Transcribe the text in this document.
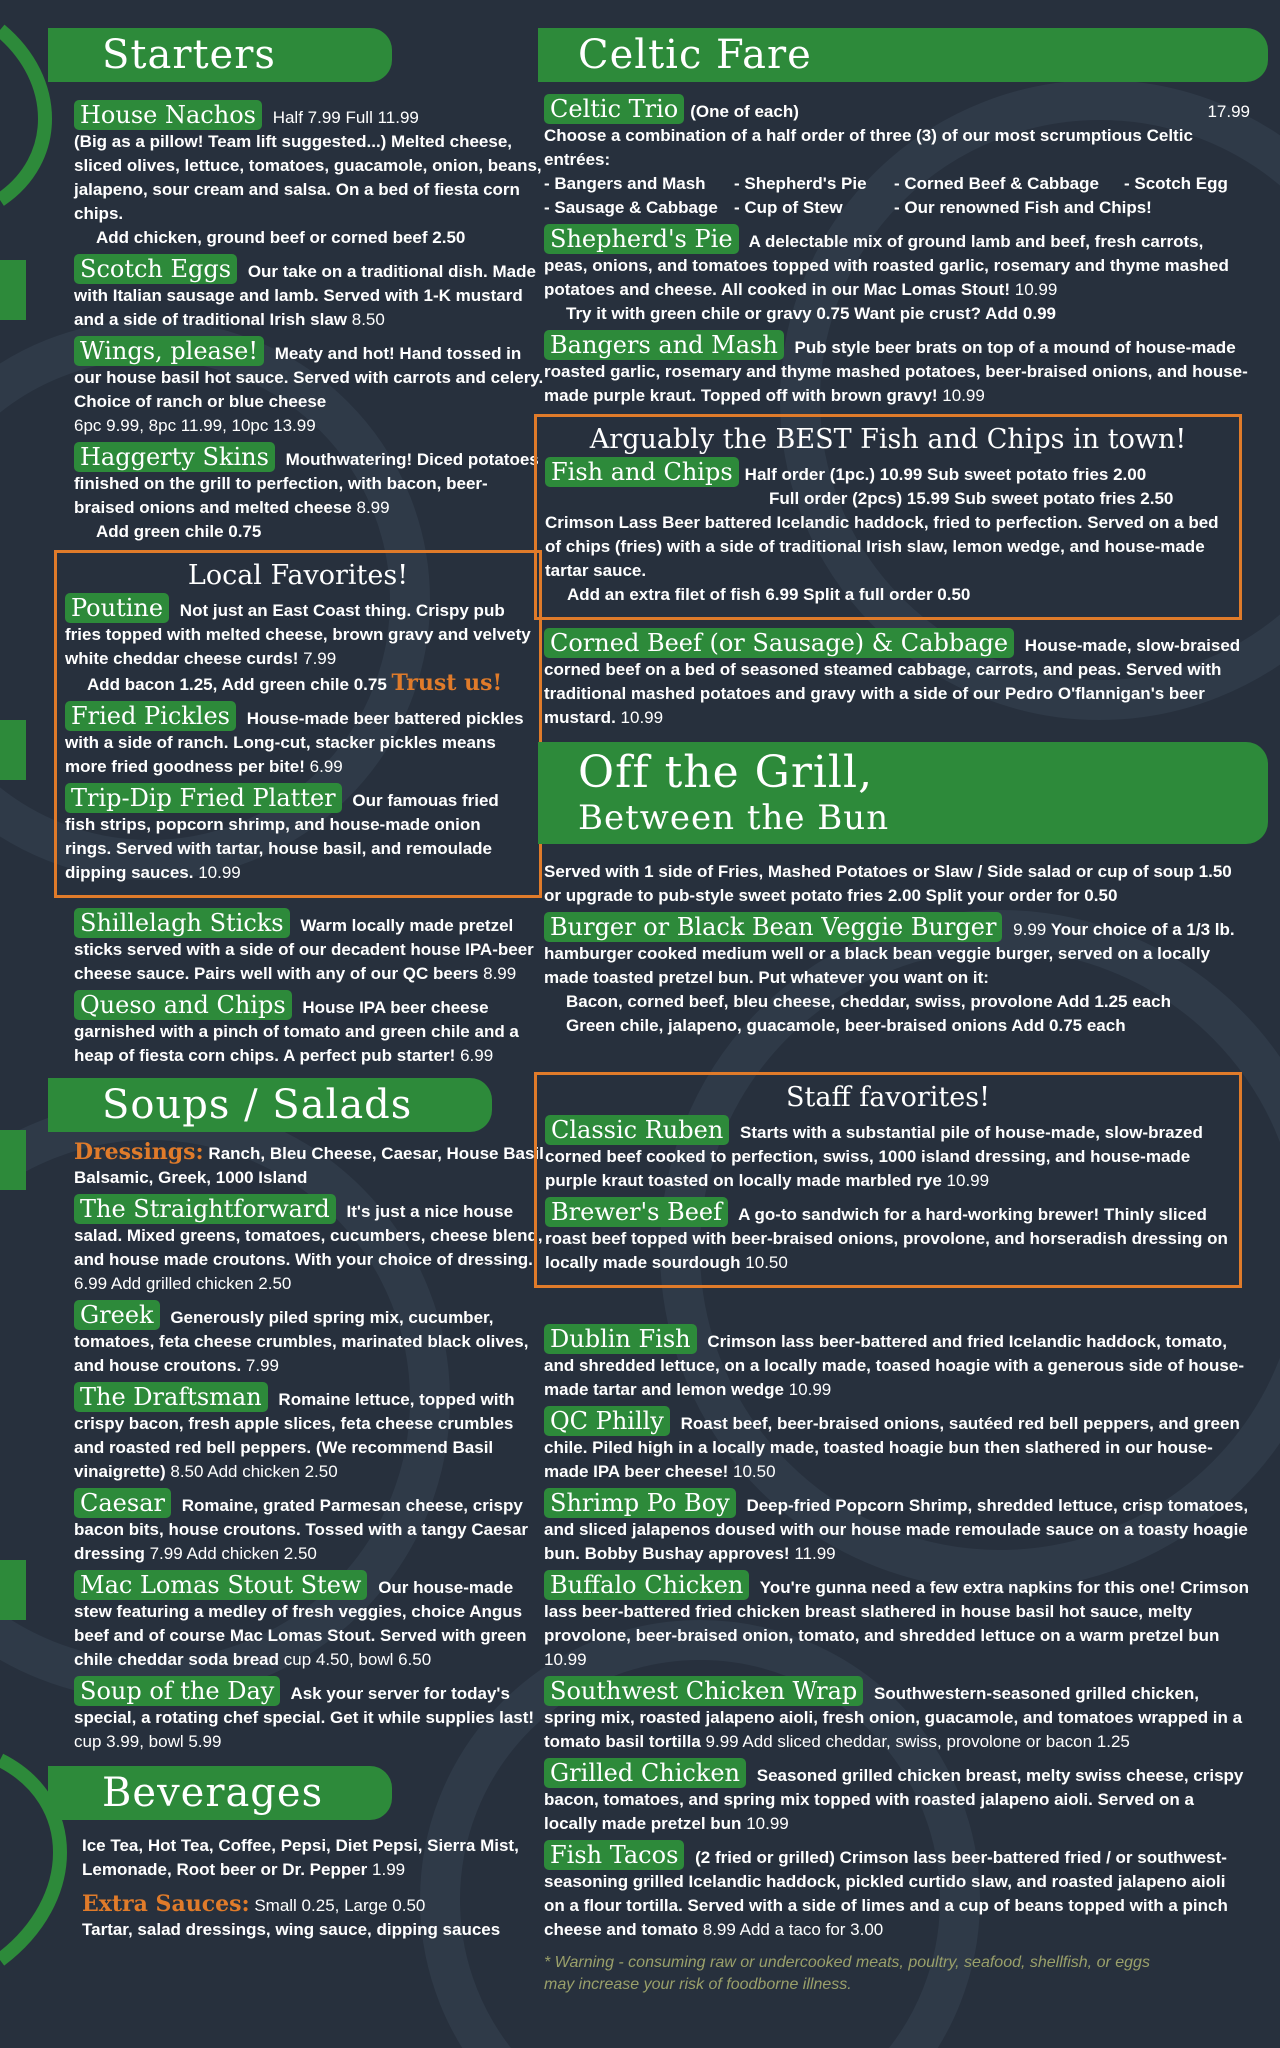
Starters
House Nachos Half 7.99 Full 11.99
(Big as a pillow! Team lift suggested...) Melted cheese, sliced olives, lettuce, tomatoes, guacamole, onion, beans, jalapeno, sour cream and salsa. On a bed of fiesta corn chips.
Add chicken, ground beef or corned beef 2.50
Scotch Eggs Our take on a traditional dish. Made with Italian sausage and lamb. Served with 1-K mustard and a side of traditional Irish slaw 8.50
Wings, please! Meaty and hot! Hand tossed in our house basil hot sauce. Served with carrots and celery. Choice of ranch or blue cheese
6pc 9.99, 8pc 11.99, 10pc 13.99
Haggerty Skins Mouthwatering! Diced potatoes finished on the grill to perfection, with bacon, beer-braised onions and melted cheese 8.99
Add green chile 0.75
Local Favorites!
Poutine Not just an East Coast thing. Crispy pub fries topped with melted cheese, brown gravy and velvety white cheddar cheese curds! 7.99
Add bacon 1.25, Add green chile 0.75 Trust us!
Fried Pickles House-made beer battered pickles with a side of ranch. Long-cut, stacker pickles means more fried goodness per bite! 6.99
Trip-Dip Fried Platter Our famouas fried fish strips, popcorn shrimp, and house-made onion rings. Served with tartar, house basil, and remoulade dipping sauces. 10.99
Shillelagh Sticks Warm locally made pretzel sticks served with a side of our decadent house IPA-beer cheese sauce. Pairs well with any of our QC beers 8.99
Queso and Chips House IPA beer cheese garnished with a pinch of tomato and green chile and a heap of fiesta corn chips. A perfect pub starter! 6.99
Soups / Salads
Dressings: Ranch, Bleu Cheese, Caesar, House Basil Balsamic, Greek, 1000 Island
The Straightforward It's just a nice house salad. Mixed greens, tomatoes, cucumbers, cheese blend, and house made croutons. With your choice of dressing. 6.99 Add grilled chicken 2.50
Greek Generously piled spring mix, cucumber, tomatoes, feta cheese crumbles, marinated black olives, and house croutons. 7.99
The Draftsman Romaine lettuce, topped with crispy bacon, fresh apple slices, feta cheese crumbles and roasted red bell peppers. (We recommend Basil vinaigrette) 8.50 Add chicken 2.50
Caesar Romaine, grated Parmesan cheese, crispy bacon bits, house croutons. Tossed with a tangy Caesar dressing 7.99 Add chicken 2.50
Mac Lomas Stout Stew Our house-made stew featuring a medley of fresh veggies, choice Angus beef and of course Mac Lomas Stout. Served with green chile cheddar soda bread cup 4.50, bowl 6.50
Soup of the Day Ask your server for today's special, a rotating chef special. Get it while supplies last! cup 3.99, bowl 5.99
Beverages
Ice Tea, Hot Tea, Coffee, Pepsi, Diet Pepsi, Sierra Mist, Lemonade, Root beer or Dr. Pepper 1.99
Extra Sauces: Small 0.25, Large 0.50
Tartar, salad dressings, wing sauce, dipping sauces
Celtic Fare
Celtic Trio (One of each)	17.99
Choose a combination of a half order of three (3) of our most scrumptious Celtic entrées:
- Bangers and Mash	- Shepherd's Pie	- Corned Beef & Cabbage	- Scotch Egg
- Sausage & Cabbage - Cup of Stew	- Our renowned Fish and Chips!
Shepherd's Pie A delectable mix of ground lamb and beef, fresh carrots, peas, onions, and tomatoes topped with roasted garlic, rosemary and thyme mashed potatoes and cheese. All cooked in our Mac Lomas Stout! 10.99
Try it with green chile or gravy 0.75 Want pie crust? Add 0.99
Bangers and Mash Pub style beer brats on top of a mound of house-made roasted garlic, rosemary and thyme mashed potatoes, beer-braised onions, and house-made purple kraut. Topped off with brown gravy! 10.99
Arguably the BEST Fish and Chips in town!
Fish and Chips Half order (1pc.) 10.99 Sub sweet potato fries 2.00
Full order (2pcs) 15.99 Sub sweet potato fries 2.50
Crimson Lass Beer battered Icelandic haddock, fried to perfection. Served on a bed of chips (fries) with a side of traditional Irish slaw, lemon wedge, and house-made tartar sauce.
Add an extra filet of fish 6.99 Split a full order 0.50
Corned Beef (or Sausage) & Cabbage House-made, slow-braised corned beef on a bed of seasoned steamed cabbage, carrots, and peas. Served with traditional mashed potatoes and gravy with a side of our Pedro O'flannigan's beer mustard. 10.99
Off the Grill,
Between the Bun
Served with 1 side of Fries, Mashed Potatoes or Slaw / Side salad or cup of soup 1.50
or upgrade to pub-style sweet potato fries 2.00 Split your order for 0.50
Burger or Black Bean Veggie Burger 9.99 Your choice of a 1/3 lb. hamburger cooked medium well or a black bean veggie burger, served on a locally made toasted pretzel bun. Put whatever you want on it:
Bacon, corned beef, bleu cheese, cheddar, swiss, provolone Add 1.25 each
Green chile, jalapeno, guacamole, beer-braised onions Add 0.75 each
Staff favorites!
Classic Ruben Starts with a substantial pile of house-made, slow-brazed corned beef cooked to perfection, swiss, 1000 island dressing, and house-made purple kraut toasted on locally made marbled rye 10.99
Brewer's Beef A go-to sandwich for a hard-working brewer! Thinly sliced roast beef topped with beer-braised onions, provolone, and horseradish dressing on locally made sourdough 10.50
Dublin Fish Crimson lass beer-battered and fried Icelandic haddock, tomato, and shredded lettuce, on a locally made, toased hoagie with a generous side of house-made tartar and lemon wedge 10.99
QC Philly Roast beef, beer-braised onions, sautéed red bell peppers, and green chile. Piled high in a locally made, toasted hoagie bun then slathered in our house-made IPA beer cheese! 10.50
Shrimp Po Boy Deep-fried Popcorn Shrimp, shredded lettuce, crisp tomatoes, and sliced jalapenos doused with our house made remoulade sauce on a toasty hoagie bun. Bobby Bushay approves! 11.99
Buffalo Chicken You're gunna need a few extra napkins for this one! Crimson lass beer-battered fried chicken breast slathered in house basil hot sauce, melty provolone, beer-braised onion, tomato, and shredded lettuce on a warm pretzel bun 10.99
Southwest Chicken Wrap Southwestern-seasoned grilled chicken, spring mix, roasted jalapeno aioli, fresh onion, guacamole, and tomatoes wrapped in a tomato basil tortilla 9.99 Add sliced cheddar, swiss, provolone or bacon 1.25
Grilled Chicken Seasoned grilled chicken breast, melty swiss cheese, crispy bacon, tomatoes, and spring mix topped with roasted jalapeno aioli. Served on a locally made pretzel bun 10.99
Fish Tacos (2 fried or grilled) Crimson lass beer-battered fried / or southwest-seasoning grilled Icelandic haddock, pickled curtido slaw, and roasted jalapeno aioli on a flour tortilla. Served with a side of limes and a cup of beans topped with a pinch cheese and tomato 8.99 Add a taco for 3.00
* Warning - consuming raw or undercooked meats, poultry, seafood, shellfish, or eggs may increase your risk of foodborne illness.
